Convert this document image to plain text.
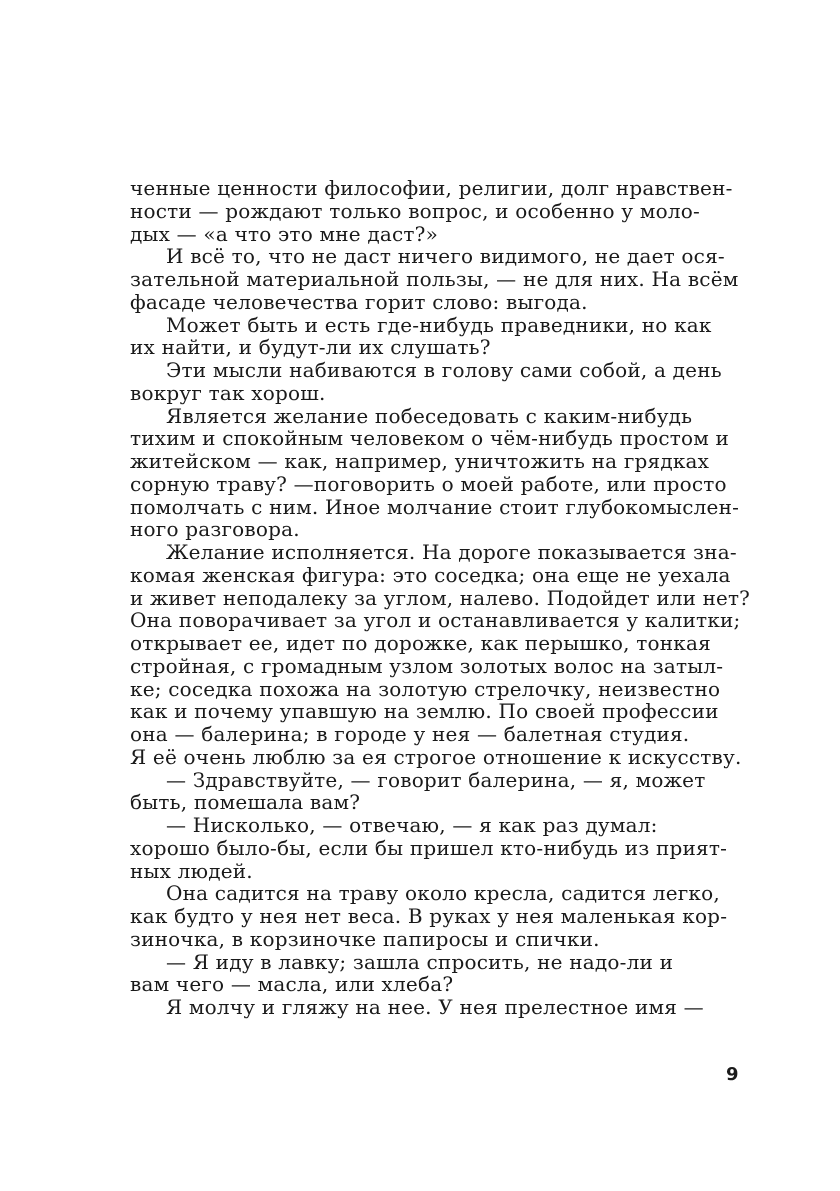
ченные ценности философии, религии, долг нравствен-
ности — рождают только вопрос, и особенно у моло-
дых — «а что это мне даст?»
И всё то, что не даст ничего видимого, не дает ося-
зательной материальной пользы, — не для них. На всём
фасаде человечества горит слово: выгода.
Может быть и есть где-нибудь праведники, но как
их найти, и будут-ли их слушать?
Эти мысли набиваются в голову сами собой, а день
вокруг так хорош.
Является желание побеседовать с каким-нибудь
тихим и спокойным человеком о чём-нибудь простом и
житейском — как, например, уничтожить на грядках
сорную траву? —поговорить о моей работе, или просто
помолчать с ним. Иное молчание стоит глубокомыслен-
ного разговора.
Желание исполняется. На дороге показывается зна-
комая женская фигура: это соседка; она еще не уехала
и живет неподалеку за углом, налево. Подойдет или нет?
Она поворачивает за угол и останавливается у калитки;
открывает ее, идет по дорожке, как перышко, тонкая
стройная, с громадным узлом золотых волос на затыл-
ке; соседка похожа на золотую стрелочку, неизвестно
как и почему упавшую на землю. По своей профессии
она — балерина; в городе у нея — балетная студия.
Я её очень люблю за ея строгое отношение к искусству.
— Здравствуйте, — говорит балерина, — я, может
быть, помешала вам?
— Нисколько, — отвечаю, — я как раз думал:
хорошо было-бы, если бы пришел кто-нибудь из прият-
ных людей.
Она садится на траву около кресла, садится легко,
как будто у нея нет веса. В руках у нея маленькая кор-
зиночка, в корзиночке папиросы и спички.
— Я иду в лавку; зашла спросить, не надо-ли и
вам чего — масла, или хлеба?
Я молчу и гляжу на нее. У нея прелестное имя —
9
